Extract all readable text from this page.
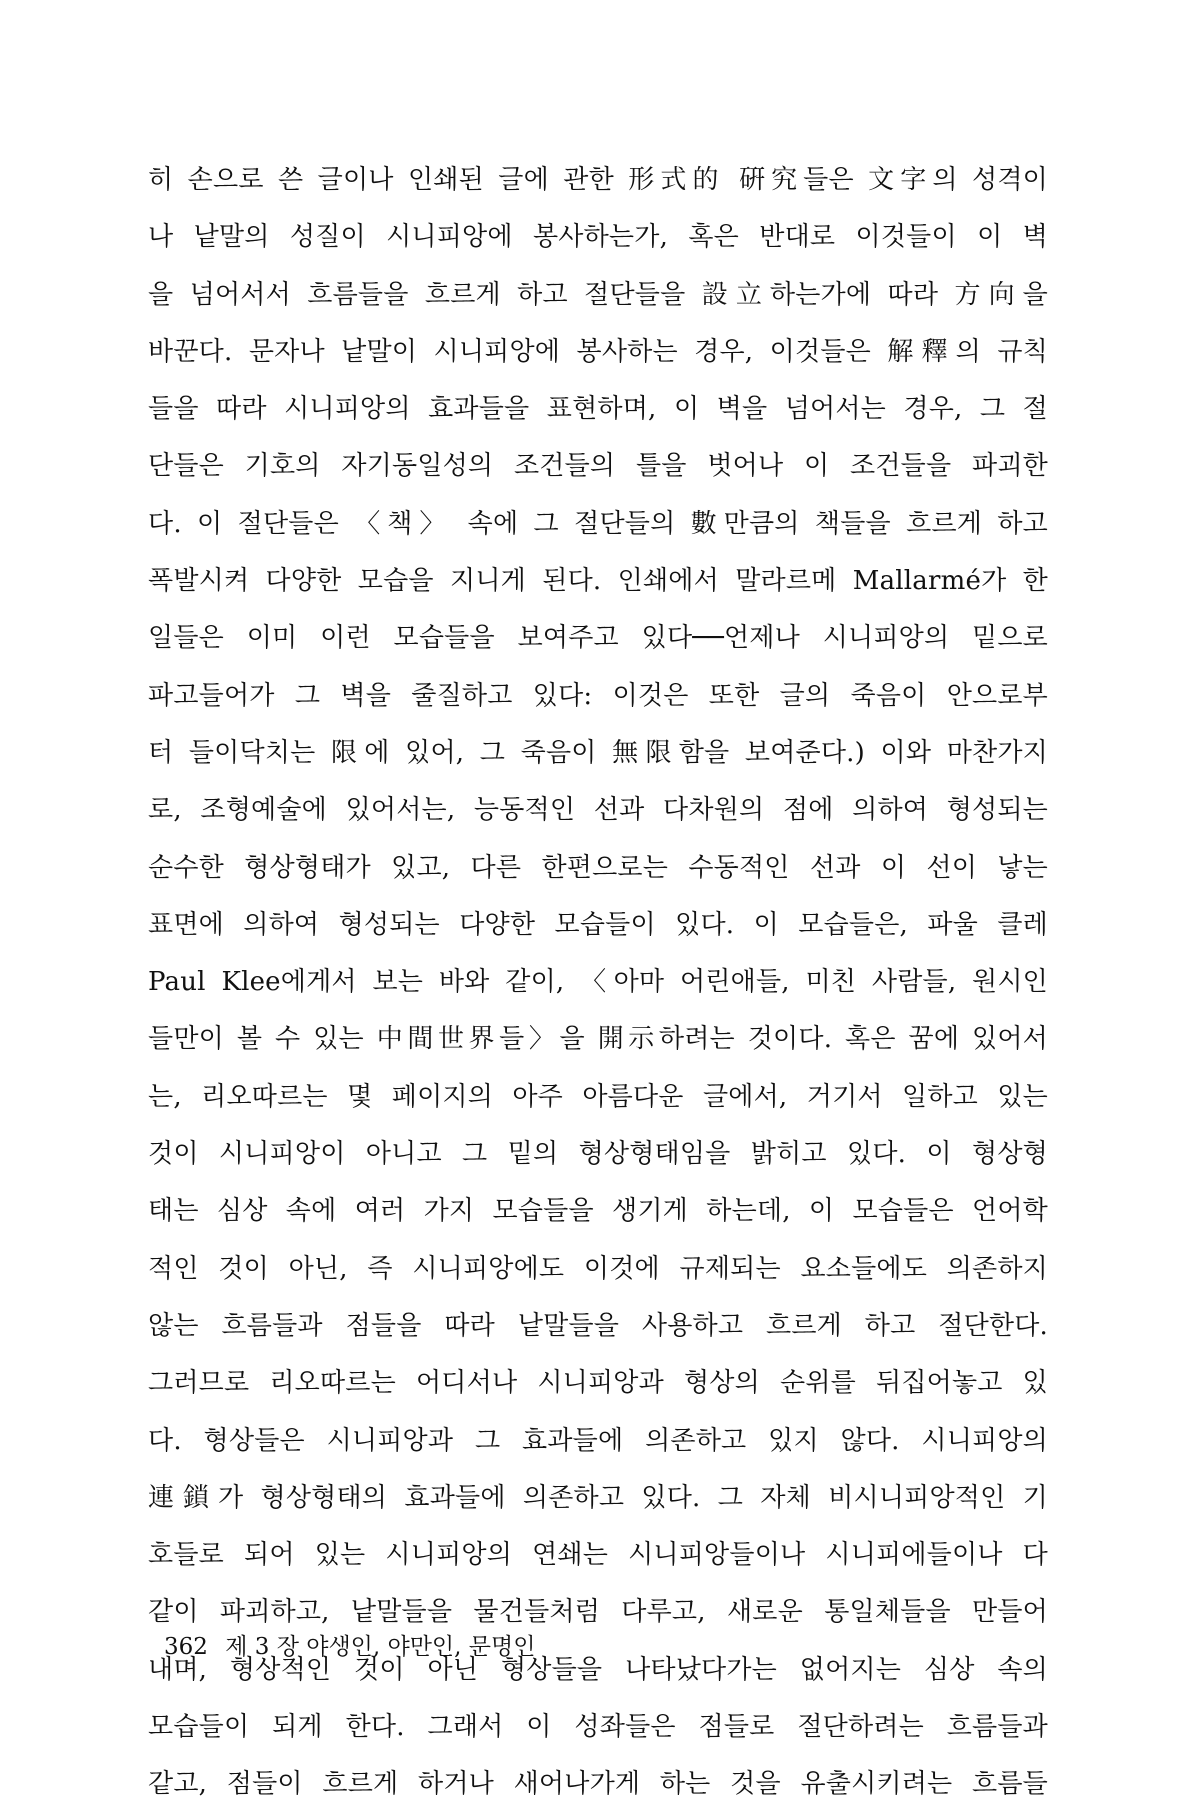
히 손으로 쓴 글이나 인쇄된 글에 관한 形式的 硏究들은 文字의 성격이
나 낱말의 성질이 시니피앙에 봉사하는가, 혹은 반대로 이것들이 이 벽
을 넘어서서 흐름들을 흐르게 하고 절단들을 設立하는가에 따라 方向을
바꾼다. 문자나 낱말이 시니피앙에 봉사하는 경우, 이것들은 解釋의 규칙
들을 따라 시니피앙의 효과들을 표현하며, 이 벽을 넘어서는 경우, 그 절
단들은 기호의 자기동일성의 조건들의 틀을 벗어나 이 조건들을 파괴한
다. 이 절단들은 〈책〉 속에 그 절단들의 數만큼의 책들을 흐르게 하고
폭발시켜 다양한 모습을 지니게 된다. 인쇄에서 말라르메 Mallarmé가 한
일들은 이미 이런 모습들을 보여주고 있다──언제나 시니피앙의 밑으로
파고들어가 그 벽을 줄질하고 있다: 이것은 또한 글의 죽음이 안으로부
터 들이닥치는 限에 있어, 그 죽음이 無限함을 보여준다.) 이와 마찬가지
로, 조형예술에 있어서는, 능동적인 선과 다차원의 점에 의하여 형성되는
순수한 형상형태가 있고, 다른 한편으로는 수동적인 선과 이 선이 낳는
표면에 의하여 형성되는 다양한 모습들이 있다. 이 모습들은, 파울 클레
Paul Klee에게서 보는 바와 같이, 〈아마 어린애들, 미친 사람들, 원시인
들만이 볼 수 있는 中間世界들〉을 開示하려는 것이다. 혹은 꿈에 있어서
는, 리오따르는 몇 페이지의 아주 아름다운 글에서, 거기서 일하고 있는
것이 시니피앙이 아니고 그 밑의 형상형태임을 밝히고 있다. 이 형상형
태는 심상 속에 여러 가지 모습들을 생기게 하는데, 이 모습들은 언어학
적인 것이 아닌, 즉 시니피앙에도 이것에 규제되는 요소들에도 의존하지
않는 흐름들과 점들을 따라 낱말들을 사용하고 흐르게 하고 절단한다.
그러므로 리오따르는 어디서나 시니피앙과 형상의 순위를 뒤집어놓고 있
다. 형상들은 시니피앙과 그 효과들에 의존하고 있지 않다. 시니피앙의
連鎖가 형상형태의 효과들에 의존하고 있다. 그 자체 비시니피앙적인 기
호들로 되어 있는 시니피앙의 연쇄는 시니피앙들이나 시니피에들이나 다
같이 파괴하고, 낱말들을 물건들처럼 다루고, 새로운 통일체들을 만들어
내며, 형상적인 것이 아닌 형상들을 나타났다가는 없어지는 심상 속의
모습들이 되게 한다. 그래서 이 성좌들은 점들로 절단하려는 흐름들과
같고, 점들이 흐르게 하거나 새어나가게 하는 것을 유출시키려는 흐름들
362 제 3 장 야생인, 야만인, 문명인
